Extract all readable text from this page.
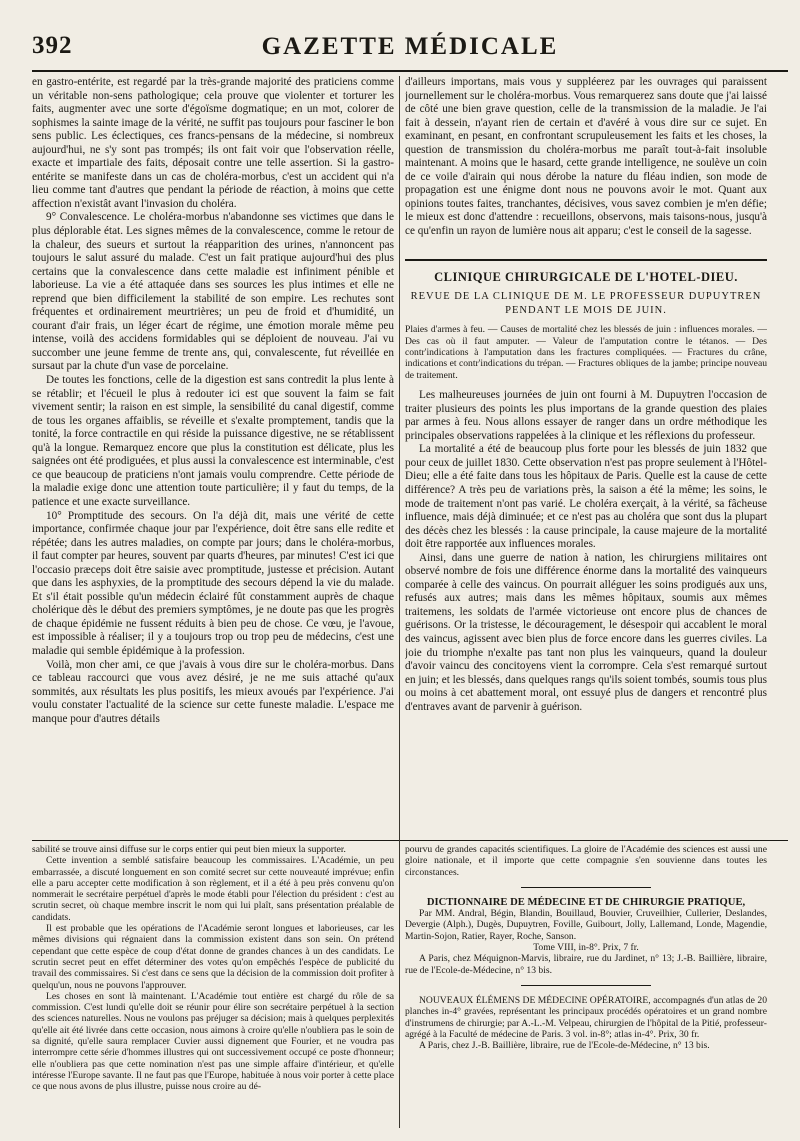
392	GAZETTE MÉDICALE

en gastro-entérite, est regardé par la très-grande majorité des praticiens comme un véritable non-sens pathologique; cela prouve que violenter et torturer les faits, augmenter avec une sorte d'égoïsme dogmatique; en un mot, colorer de sophismes la sainte image de la vérité, ne suffit pas toujours pour fasciner le bon sens public. Les éclectiques, ces francs-pensans de la médecine, si nombreux aujourd'hui, ne s'y sont pas trompés; ils ont fait voir que l'observation réelle, exacte et impartiale des faits, déposait contre une telle assertion. Si la gastro-entérite se manifeste dans un cas de choléra-morbus, c'est un accident qui n'a lieu comme tant d'autres que pendant la période de réaction, à moins que cette affection n'existât avant l'invasion du choléra.

9° Convalescence. Le choléra-morbus n'abandonne ses victimes que dans le plus déplorable état. Les signes mêmes de la convalescence, comme le retour de la chaleur, des sueurs et surtout la réapparition des urines, n'annoncent pas toujours le salut assuré du malade. C'est un fait pratique aujourd'hui des plus certains que la convalescence dans cette maladie est infiniment pénible et laborieuse. La vie a été attaquée dans ses sources les plus intimes et elle ne reprend que bien difficilement la stabilité de son empire. Les rechutes sont fréquentes et ordinairement meurtrières; un peu de froid et d'humidité, un courant d'air frais, un léger écart de régime, une émotion morale même peu intense, voilà des accidens formidables qui se déploient de nouveau. J'ai vu succomber une jeune femme de trente ans, qui, convalescente, fut réveillée en sursaut par la chute d'un vase de porcelaine.

De toutes les fonctions, celle de la digestion est sans contredit la plus lente à se rétablir; et l'écueil le plus à redouter ici est que souvent la faim se fait vivement sentir; la raison en est simple, la sensibilité du canal digestif, comme de tous les organes affaiblis, se réveille et s'exalte promptement, tandis que la tonité, la force contractile en qui réside la puissance digestive, ne se rétablissent qu'à la longue. Remarquez encore que plus la constitution est délicate, plus les saignées ont été prodiguées, et plus aussi la convalescence est interminable, c'est ce que beaucoup de praticiens n'ont jamais voulu comprendre. Cette période de la maladie exige donc une attention toute particulière; il y faut du temps, de la patience et une exacte surveillance.

10° Promptitude des secours. On l'a déjà dit, mais une vérité de cette importance, confirmée chaque jour par l'expérience, doit être sans elle redite et répétée; dans les autres maladies, on compte par jours; dans le choléra-morbus, il faut compter par heures, souvent par quarts d'heures, par minutes! C'est ici que l'occasio præceps doit être saisie avec promptitude, justesse et précision. Autant que dans les asphyxies, de la promptitude des secours dépend la vie du malade. Et s'il était possible qu'un médecin éclairé fût constamment auprès de chaque cholérique dès le début des premiers symptômes, je ne doute pas que les progrès de chaque épidémie ne fussent réduits à bien peu de chose. Ce vœu, je l'avoue, est impossible à réaliser; il y a toujours trop ou trop peu de médecins, c'est une maladie qui semble épidémique à la profession.

Voilà, mon cher ami, ce que j'avais à vous dire sur le choléra-morbus. Dans ce tableau raccourci que vous avez désiré, je ne me suis attaché qu'aux sommités, aux résultats les plus positifs, les mieux avoués par l'expérience. J'ai voulu constater l'actualité de la science sur cette funeste maladie. L'espace me manque pour d'autres détails

d'ailleurs importans, mais vous y suppléerez par les ouvrages qui paraissent journellement sur le choléra-morbus. Vous remarquerez sans doute que j'ai laissé de côté une bien grave question, celle de la transmission de la maladie. Je l'ai fait à dessein, n'ayant rien de certain et d'avéré à vous dire sur ce sujet. En examinant, en pesant, en confrontant scrupuleusement les faits et les choses, la question de transmission du choléra-morbus me paraît tout-à-fait insoluble maintenant. A moins que le hasard, cette grande intelligence, ne soulève un coin de ce voile d'airain qui nous dérobe la nature du fléau indien, son mode de propagation est une énigme dont nous ne pouvons avoir le mot. Quant aux opinions toutes faites, tranchantes, décisives, vous savez combien je m'en défie; le mieux est donc d'attendre : recueillons, observons, mais taisons-nous, jusqu'à ce qu'enfin un rayon de lumière nous ait apparu; c'est le conseil de la sagesse.

CLINIQUE CHIRURGICALE DE L'HOTEL-DIEU.
REVUE DE LA CLINIQUE DE M. LE PROFESSEUR DUPUYTREN
PENDANT LE MOIS DE JUIN.

Plaies d'armes à feu. — Causes de mortalité chez les blessés de juin : influences morales. — Des cas où il faut amputer. — Valeur de l'amputation contre le tétanos. — Des contr'indications à l'amputation dans les fractures compliquées. — Fractures du crâne, indications et contr'indications du trépan. — Fractures obliques de la jambe; principe nouveau de traitement.

Les malheureuses journées de juin ont fourni à M. Dupuytren l'occasion de traiter plusieurs des points les plus importans de la grande question des plaies par armes à feu. Nous allons essayer de ranger dans un ordre méthodique les principales observations rappelées à la clinique et les réflexions du professeur.

La mortalité a été de beaucoup plus forte pour les blessés de juin 1832 que pour ceux de juillet 1830. Cette observation n'est pas propre seulement à l'Hôtel-Dieu; elle a été faite dans tous les hôpitaux de Paris. Quelle est la cause de cette différence? A très peu de variations près, la saison a été la même; les soins, le mode de traitement n'ont pas varié. Le choléra exerçait, à la vérité, sa fâcheuse influence, mais déjà diminuée; et ce n'est pas au choléra que sont dus la plupart des décès chez les blessés : la cause principale, la cause majeure de la mortalité doit être rapportée aux influences morales.

Ainsi, dans une guerre de nation à nation, les chirurgiens militaires ont observé nombre de fois une différence énorme dans la mortalité des vainqueurs comparée à celle des vaincus. On pourrait alléguer les soins prodigués aux uns, refusés aux autres; mais dans les mêmes hôpitaux, soumis aux mêmes traitemens, les soldats de l'armée victorieuse ont encore plus de chances de guérisons. Or la tristesse, le découragement, le désespoir qui accablent le moral des vaincus, agissent avec bien plus de force encore dans les guerres civiles. La joie du triomphe n'exalte pas tant non plus les vainqueurs, quand la douleur d'avoir vaincu des concitoyens vient la corrompre. Cela s'est remarqué surtout en juin; et les blessés, dans quelques rangs qu'ils soient tombés, soumis tous plus ou moins à cet abattement moral, ont essuyé plus de dangers et rencontré plus d'entraves avant de parvenir à guérison.

sabilité se trouve ainsi diffuse sur le corps entier qui peut bien mieux la supporter.

Cette invention a semblé satisfaire beaucoup les commissaires. L'Académie, un peu embarrassée, a discuté longuement en son comité secret sur cette nouveauté imprévue; enfin elle a paru accepter cette modification à son règlement, et il a été à peu près convenu qu'on nommerait le secrétaire perpétuel d'après le mode établi pour l'élection du président : c'est au scrutin secret, où chaque membre inscrit le nom qui lui plaît, sans présentation préalable de candidats.

Il est probable que les opérations de l'Académie seront longues et laborieuses, car les mêmes divisions qui régnaient dans la commission existent dans son sein. On prétend cependant que cette espèce de coup d'état donne de grandes chances à un des candidats. Le scrutin secret peut en effet déterminer des votes qu'on empêchés l'espèce de publicité du travail des commissaires. Si c'est dans ce sens que la décision de la commission doit profiter à quelqu'un, nous ne pouvons l'approuver.

Les choses en sont là maintenant. L'Académie tout entière est chargé du rôle de sa commission. C'est lundi qu'elle doit se réunir pour élire son secrétaire perpétuel à la section des sciences naturelles. Nous ne voulons pas préjuger sa décision; mais à quelques perplexités qu'elle ait été livrée dans cette occasion, nous aimons à croire qu'elle n'oubliera pas le soin de sa dignité, qu'elle saura remplacer Cuvier aussi dignement que Fourier, et ne voudra pas interrompre cette série d'hommes illustres qui ont successivement occupé ce poste d'honneur; elle n'oubliera pas que cette nomination n'est pas une simple affaire d'intérieur, et qu'elle intéresse l'Europe savante. Il ne faut pas que l'Europe, habituée à nous voir porter à cette place ce que nous avons de plus illustre, puisse nous croire au dé-

pourvu de grandes capacités scientifiques. La gloire de l'Académie des sciences est aussi une gloire nationale, et il importe que cette compagnie s'en souvienne dans toutes les circonstances.

DICTIONNAIRE DE MÉDECINE ET DE CHIRURGIE PRATIQUE,

Par MM. Andral, Bégin, Blandin, Bouillaud, Bouvier, Cruveilhier, Cullerier, Deslandes, Devergie (Alph.), Dugès, Dupuytren, Foville, Guibourt, Jolly, Lallemand, Londe, Magendie, Martin-Sojon, Ratier, Rayer, Roche, Sanson.

Tome VIII, in-8°. Prix, 7 fr.

A Paris, chez Méquignon-Marvis, libraire, rue du Jardinet, n° 13; J.-B. Baillière, libraire, rue de l'Ecole-de-Médecine, n° 13 bis.

NOUVEAUX ÉLÉMENS DE MÉDECINE OPÉRATOIRE, accompagnés d'un atlas de 20 planches in-4° gravées, représentant les principaux procédés opératoires et un grand nombre d'instrumens de chirurgie; par A.-L.-M. Velpeau, chirurgien de l'hôpital de la Pitié, professeur-agrégé à la Faculté de médecine de Paris. 3 vol. in-8°; atlas in-4°. Prix, 30 fr.

A Paris, chez J.-B. Baillière, libraire, rue de l'Ecole-de-Médecine, n° 13 bis.
